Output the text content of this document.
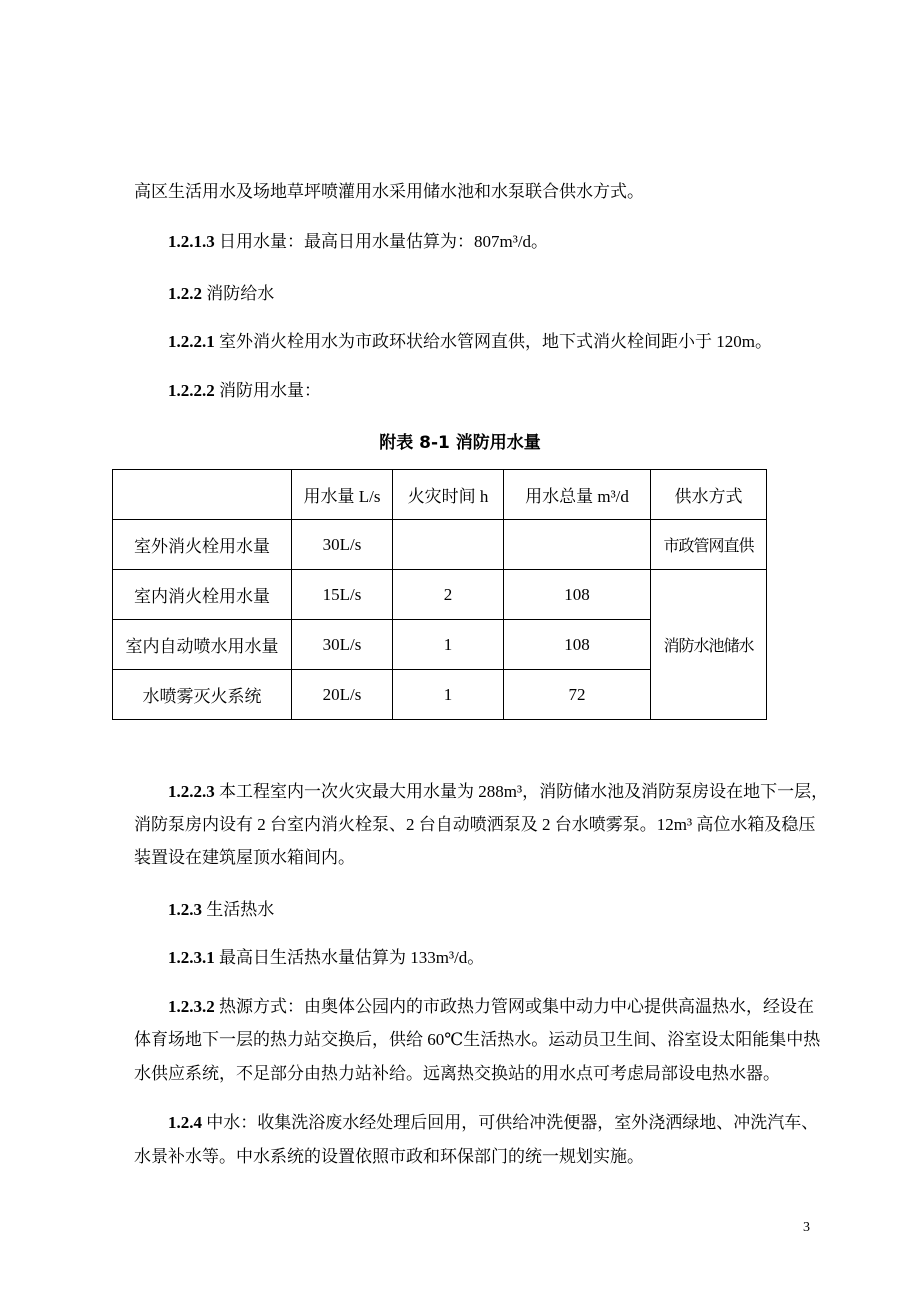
高区生活用水及场地草坪喷灌用水采用储水池和水泵联合供水方式。
1.2.1.3 日用水量：最高日用水量估算为：807m³/d。
1.2.2 消防给水
1.2.2.1 室外消火栓用水为市政环状给水管网直供，地下式消火栓间距小于 120m。
1.2.2.2 消防用水量：
附表 8-1 消防用水量
	用水量 L/s	火灾时间 h	用水总量 m³/d	供水方式
室外消火栓用水量	30L/s			市政管网直供
室内消火栓用水量	15L/s	2	108	消防水池储水
室内自动喷水用水量	30L/s	1	108	
水喷雾灭火系统	20L/s	1	72	
1.2.2.3 本工程室内一次火灾最大用水量为 288m³，消防储水池及消防泵房设在地下一层，
消防泵房内设有 2 台室内消火栓泵、2 台自动喷洒泵及 2 台水喷雾泵。12m³ 高位水箱及稳压
装置设在建筑屋顶水箱间内。
1.2.3 生活热水
1.2.3.1 最高日生活热水量估算为 133m³/d。
1.2.3.2 热源方式：由奥体公园内的市政热力管网或集中动力中心提供高温热水，经设在
体育场地下一层的热力站交换后，供给 60℃生活热水。运动员卫生间、浴室设太阳能集中热
水供应系统，不足部分由热力站补给。远离热交换站的用水点可考虑局部设电热水器。
1.2.4 中水：收集洗浴废水经处理后回用，可供给冲洗便器，室外浇洒绿地、冲洗汽车、
水景补水等。中水系统的设置依照市政和环保部门的统一规划实施。
3
